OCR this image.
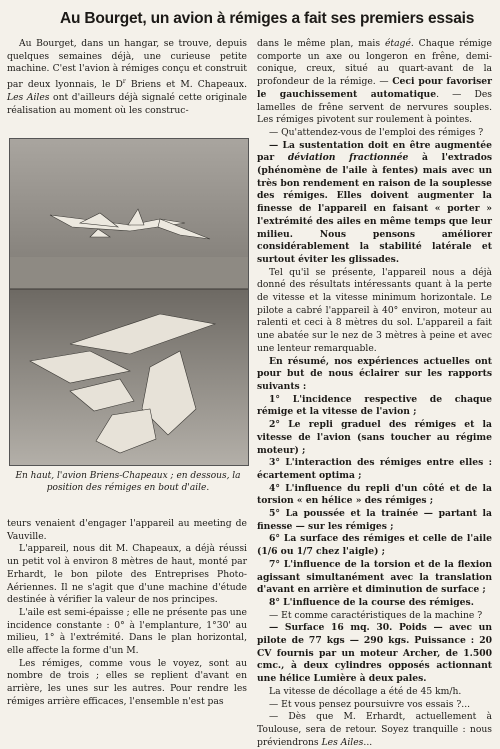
Au Bourget, un avion à rémiges a fait ses premiers essais

Au Bourget, dans un hangar, se trouve, depuis quelques semaines déjà, une curieuse petite machine. C'est l'avion à rémiges conçu et construit par deux lyonnais, le $D^r$ Briens et M. Chapeaux. Les Ailes ont d'ailleurs déjà signalé cette originale réalisation au moment où les construc-

En haut, l'avion Briens-Chapeaux ; en dessous, la position des rémiges en bout d'aile.

teurs venaient d'engager l'appareil au meeting de Vauville.

L'appareil, nous dit M. Chapeaux, a déjà réussi un petit vol à environ 8 mètres de haut, monté par Erhardt, le bon pilote des Entreprises Photo-Aériennes. Il ne s'agit que d'une machine d'étude destinée à vérifier la valeur de nos principes.

L'aile est semi-épaisse ; elle ne présente pas une incidence constante : 0° à l'emplanture, 1°30' au milieu, 1° à l'extrémité. Dans le plan horizontal, elle affecte la forme d'un M.

Les rémiges, comme vous le voyez, sont au nombre de trois ; elles se replient d'avant en arrière, les unes sur les autres. Pour rendre les rémiges arrière efficaces, l'ensemble n'est pas

dans le même plan, mais étagé. Chaque rémige comporte un axe ou longeron en frêne, demi-conique, creux, situé au quart-avant de la profondeur de la rémige. — Ceci pour favoriser le gauchissement automatique. — Des lamelles de frêne servent de nervures souples. Les rémiges pivotent sur roulement à pointes.

— Qu'attendez-vous de l'emploi des rémiges ?

— La sustentation doit en être augmentée par déviation fractionnée à l'extrados (phénomène de l'aile à fentes) mais avec un très bon rendement en raison de la souplesse des rémiges. Elles doivent augmenter la finesse de l'appareil en faisant « porter » l'extrémité des ailes en même temps que leur milieu. Nous pensons améliorer considérablement la stabilité latérale et surtout éviter les glissades.

Tel qu'il se présente, l'appareil nous a déjà donné des résultats intéressants quant à la perte de vitesse et la vitesse minimum horizontale. Le pilote a cabré l'appareil à 40° environ, moteur au ralenti et ceci à 8 mètres du sol. L'appareil a fait une abatée sur le nez de 3 mètres à peine et avec une lenteur remarquable.

En résumé, nos expériences actuelles ont pour but de nous éclairer sur les rapports suivants :

1° L'incidence respective de chaque rémige et la vitesse de l'avion ;

2° Le repli graduel des rémiges et la vitesse de l'avion (sans toucher au régime moteur) ;

3° L'interaction des rémiges entre elles : écartement optima ;

4° L'influence du repli d'un côté et de la torsion « en hélice » des rémiges ;

5° La poussée et la trainée — partant la finesse — sur les rémiges ;

6° La surface des rémiges et celle de l'aile (1/6 ou 1/7 chez l'aigle) ;

7° L'influence de la torsion et de la flexion agissant simultanément avec la translation d'avant en arrière et diminution de surface ;

8° L'influence de la course des rémiges.

— Et comme caractéristiques de la machine ?

— Surface 16 mq. 30. Poids — avec un pilote de 77 kgs — 290 kgs. Puissance : 20 CV fournis par un moteur Archer, de 1.500 cmc., à deux cylindres opposés actionnant une hélice Lumière à deux pales.

La vitesse de décollage a été de 45 km/h.

— Et vous pensez poursuivre vos essais ?...

— Dès que M. Erhardt, actuellement à Toulouse, sera de retour. Soyez tranquille : nous préviendrons Les Ailes...
